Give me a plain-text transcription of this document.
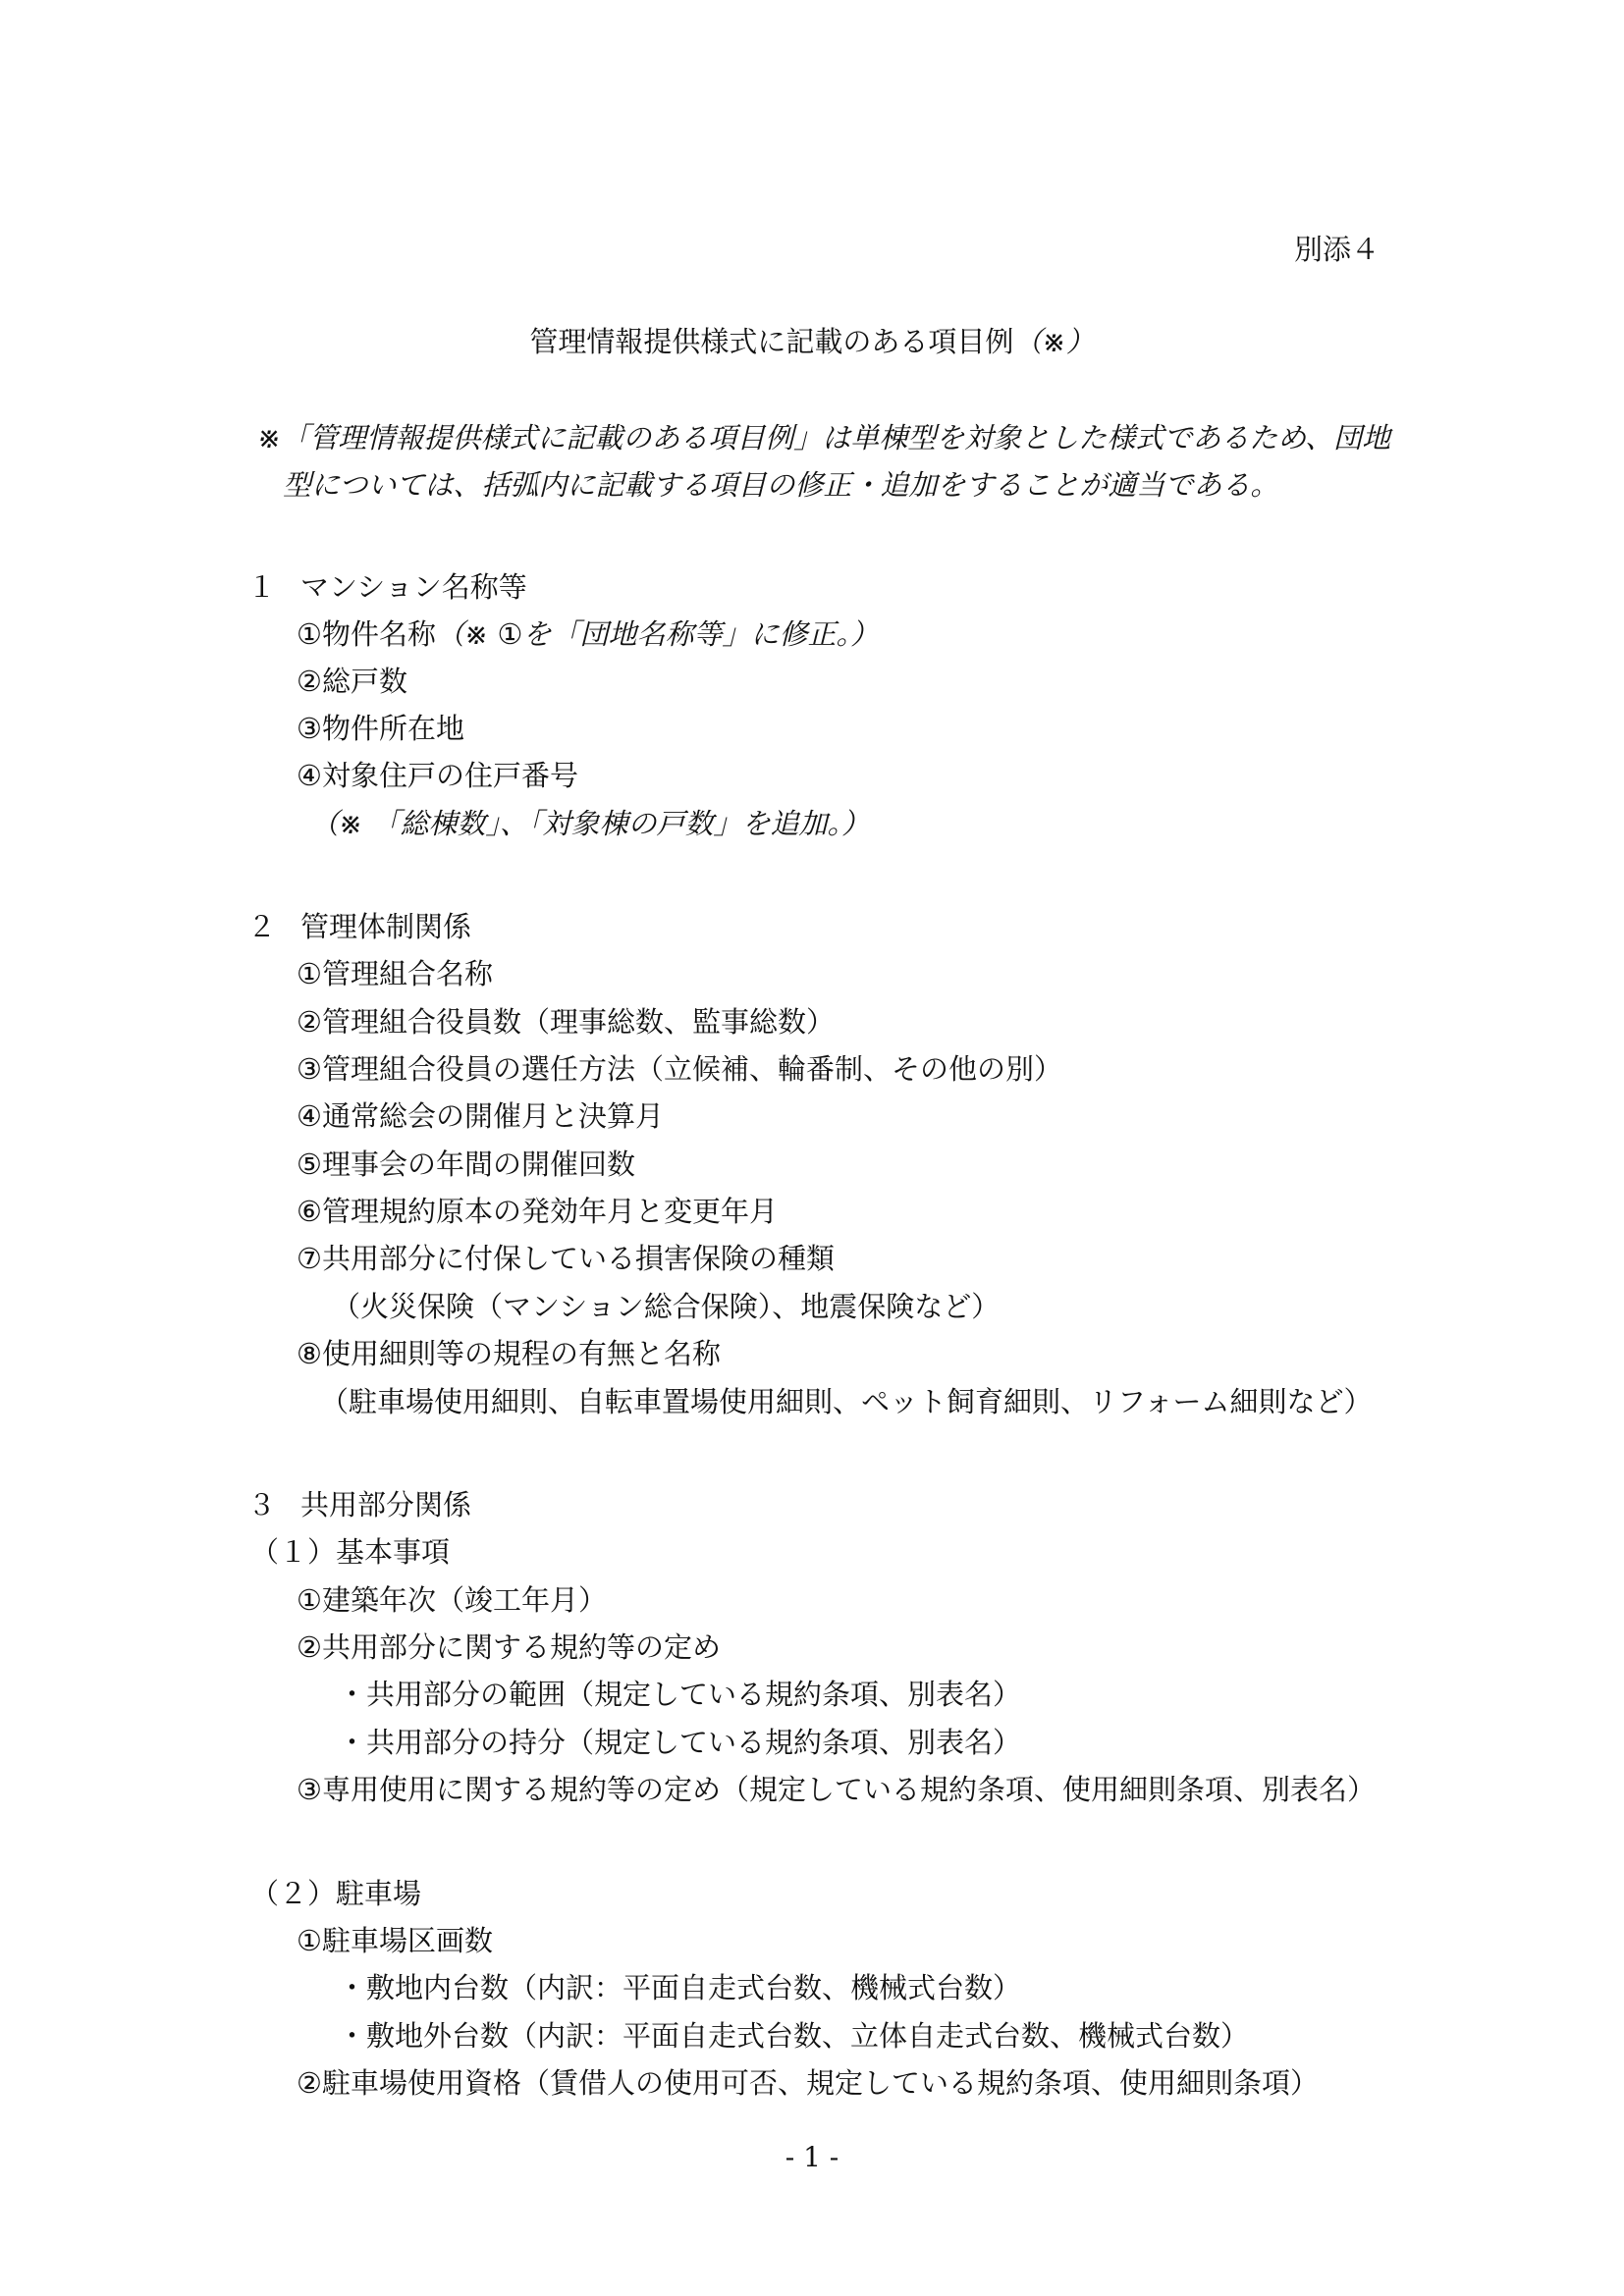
別添４
管理情報提供様式に記載のある項目例（※）
※「管理情報提供様式に記載のある項目例」は単棟型を対象とした様式であるため、団地
型については、括弧内に記載する項目の修正・追加をすることが適当である。
１ マンション名称等
①物件名称（※ ①を「団地名称等」に修正。）
②総戸数
③物件所在地
④対象住戸の住戸番号
（※ 「総棟数」、「対象棟の戸数」を追加。）
２ 管理体制関係
①管理組合名称
②管理組合役員数（理事総数、監事総数）
③管理組合役員の選任方法（立候補、輪番制、その他の別）
④通常総会の開催月と決算月
⑤理事会の年間の開催回数
⑥管理規約原本の発効年月と変更年月
⑦共用部分に付保している損害保険の種類
（火災保険（マンション総合保険）、地震保険など）
⑧使用細則等の規程の有無と名称
（駐車場使用細則、自転車置場使用細則、ペット飼育細則、リフォーム細則など）
３ 共用部分関係
（１）基本事項
①建築年次（竣工年月）
②共用部分に関する規約等の定め
・共用部分の範囲（規定している規約条項、別表名）
・共用部分の持分（規定している規約条項、別表名）
③専用使用に関する規約等の定め（規定している規約条項、使用細則条項、別表名）
（２）駐車場
①駐車場区画数
・敷地内台数（内訳：平面自走式台数、機械式台数）
・敷地外台数（内訳：平面自走式台数、立体自走式台数、機械式台数）
②駐車場使用資格（賃借人の使用可否、規定している規約条項、使用細則条項）
- 1 -
